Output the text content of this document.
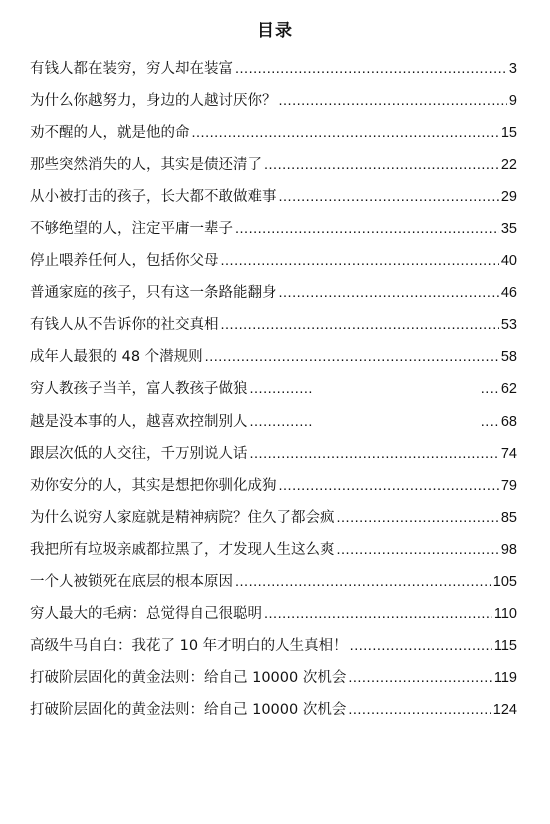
目录
有钱人都在装穷，穷人却在装富 .....	3
为什么你越努力，身边的人越讨厌你？ .....	9
劝不醒的人，就是他的命 .....	15
那些突然消失的人，其实是债还清了 .....	22
从小被打击的孩子，长大都不敢做难事 .....	29
不够绝望的人，注定平庸一辈子 .....	35
停止喂养任何人，包括你父母 .....	40
普通家庭的孩子，只有这一条路能翻身 .....	46
有钱人从不告诉你的社交真相 .....	53
成年人最狠的 48 个潜规则 .....	58
穷人教孩子当羊，富人教孩子做狼 .....	.... 62
越是没本事的人，越喜欢控制别人 .....	.... 68
跟层次低的人交往，千万别说人话 .....	74
劝你安分的人，其实是想把你驯化成狗 .....	79
为什么说穷人家庭就是精神病院？住久了都会疯 .....	85
我把所有垃圾亲戚都拉黑了，才发现人生这么爽 .....	98
一个人被锁死在底层的根本原因 .....	105
穷人最大的毛病：总觉得自己很聪明 .....	110
高级牛马自白：我花了 10 年才明白的人生真相！ .....	115
打破阶层固化的黄金法则：给自己 10000 次机会 .....	119
打破阶层固化的黄金法则：给自己 10000 次机会 .....	124
